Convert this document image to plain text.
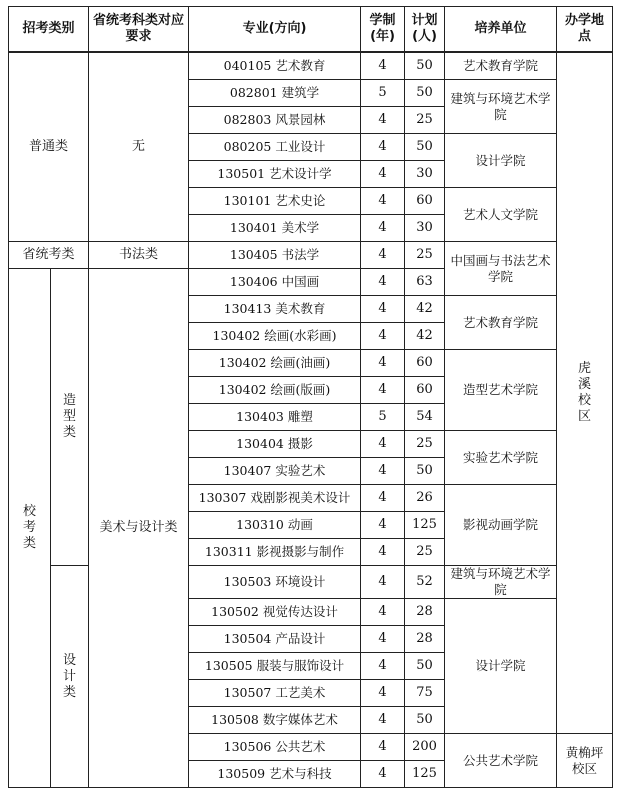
招考类别		省统考科类对应要求	专业(方向)	学制(年)	计划(人)	培养单位	办学地点
普通类		无	040105 艺术教育	4	50	艺术教育学院	虎溪校区
			082801 建筑学	5	50	建筑与环境艺术学院	
			082803 风景园林	4	25		
			080205 工业设计	4	50	设计学院	
			130501 艺术设计学	4	30		
			130101 艺术史论	4	60	艺术人文学院	
			130401 美术学	4	30		
省统考类		书法类	130405 书法学	4	25	中国画与书法艺术学院	
校考类	造型类	美术与设计类	130406 中国画	4	63		
			130413 美术教育	4	42	艺术教育学院	
			130402 绘画(水彩画)	4	42		
			130402 绘画(油画)	4	60	造型艺术学院	
			130402 绘画(版画)	4	60		
			130403 雕塑	5	54		
			130404 摄影	4	25	实验艺术学院	
			130407 实验艺术	4	50		
			130307 戏剧影视美术设计	4	26	影视动画学院	
			130310 动画	4	125		
			130311 影视摄影与制作	4	25		
	设计类		130503 环境设计	4	52	建筑与环境艺术学院	
			130502 视觉传达设计	4	28	设计学院	
			130504 产品设计	4	28		
			130505 服装与服饰设计	4	50		
			130507 工艺美术	4	75		
			130508 数字媒体艺术	4	50		
			130506 公共艺术	4	200	公共艺术学院	黄桷坪校区
			130509 艺术与科技	4	125		
